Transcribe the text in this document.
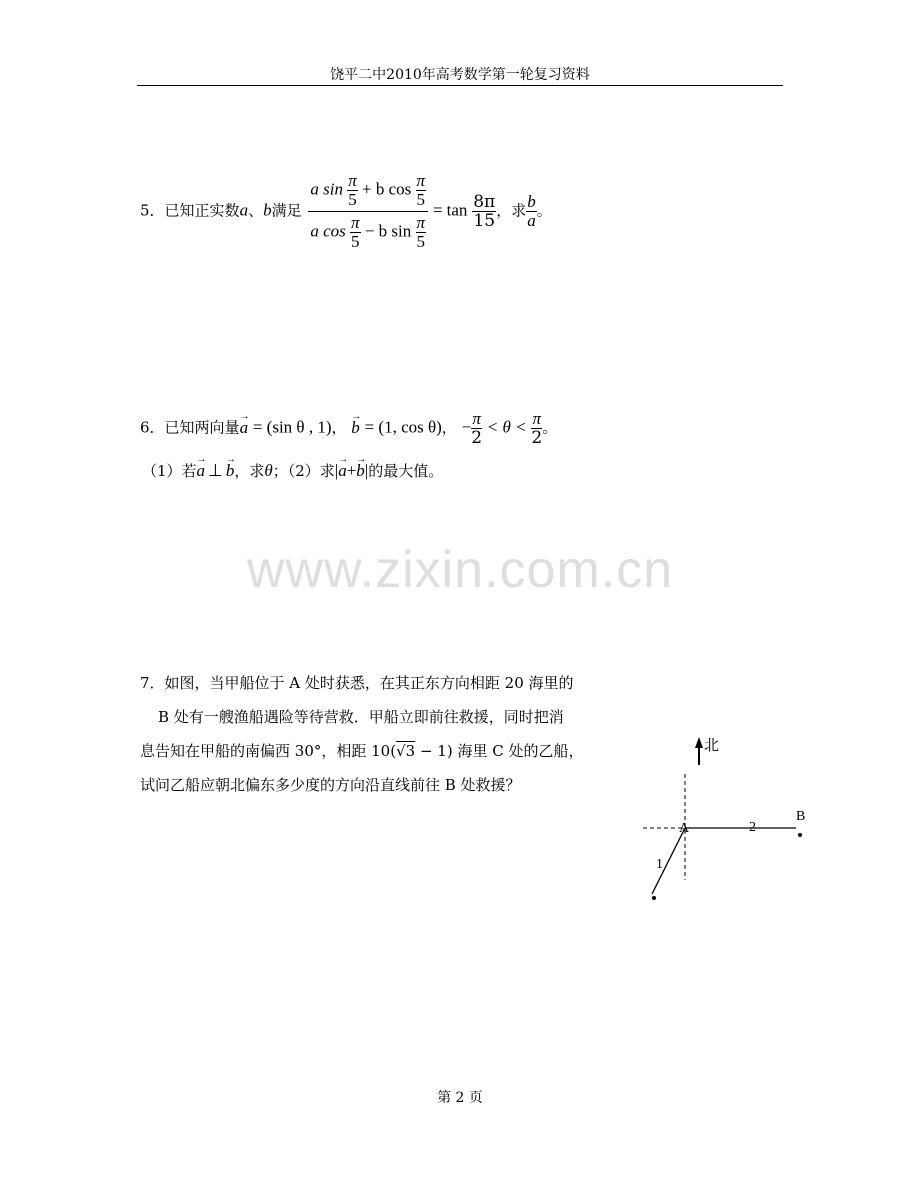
饶平二中2010年高考数学第一轮复习资料
5．已知正实数a、b满足 $\frac{a \sin \frac{\pi}{5} + b \cos \frac{\pi}{5}}{a \cos \frac{\pi}{5} - b \sin \frac{\pi}{5}} = \tan \frac{8\pi}{15}$ ，求 $\frac{b}{a}$ 。
6．已知两向量→ a = (sin θ , 1)， → b = (1, cos θ)， − $\frac{\pi}{2} < \theta < \frac{\pi}{2}$ 。
（1）若→ a ⊥ → b，求θ；（2）求|→ a+→ b|的最大值。
www.zixin.com.cn
7．如图，当甲船位于 A 处时获悉，在其正东方向相距 20 海里的
B 处有一艘渔船遇险等待营救．甲船立即前往救援，同时把消
息告知在甲船的南偏西 30°，相距 10(√3 − 1) 海里 C 处的乙船，
试问乙船应朝北偏东多少度的方向沿直线前往 B 处救援？
北
A
B
2
1
第 2 页
